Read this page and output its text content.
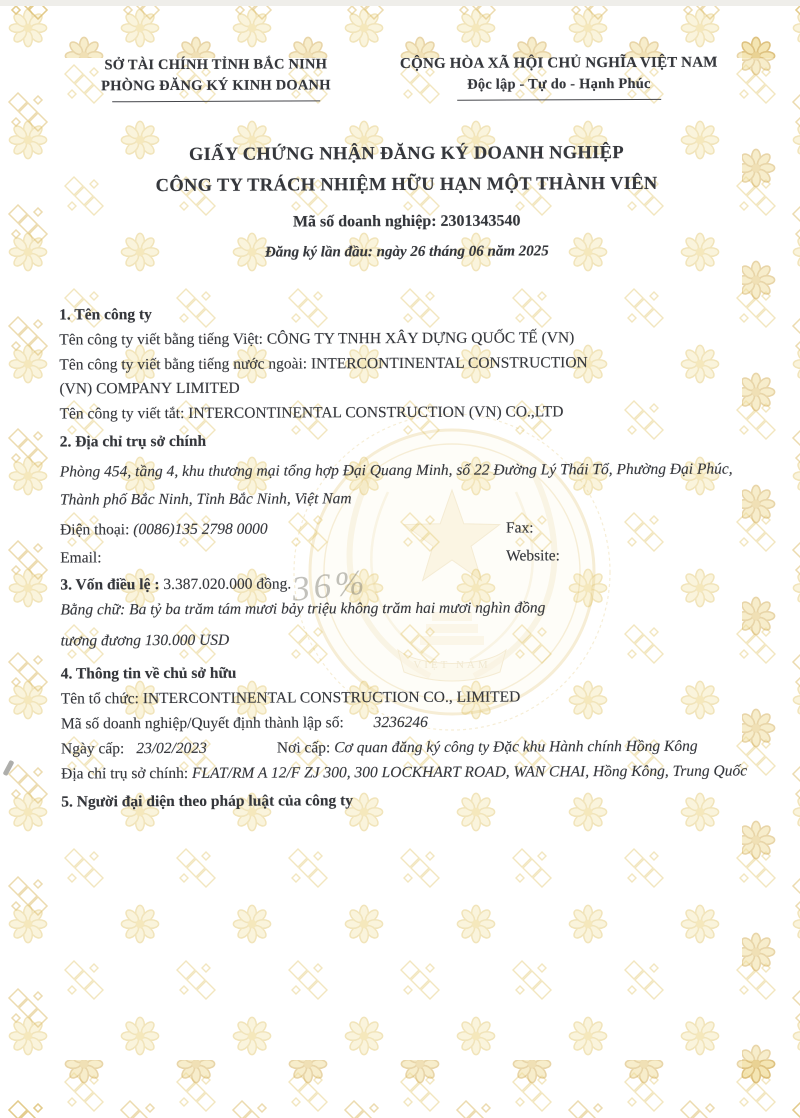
VIỆT NAM
36%
SỞ TÀI CHÍNH TỈNH BẮC NINH
PHÒNG ĐĂNG KÝ KINH DOANH
CỘNG HÒA XÃ HỘI CHỦ NGHĨA VIỆT NAM
Độc lập - Tự do - Hạnh Phúc
GIẤY CHỨNG NHẬN ĐĂNG KÝ DOANH NGHIỆP
CÔNG TY TRÁCH NHIỆM HỮU HẠN MỘT THÀNH VIÊN
Mã số doanh nghiệp: 2301343540
Đăng ký lần đầu: ngày 26 tháng 06 năm 2025
1. Tên công ty
Tên công ty viết bằng tiếng Việt: CÔNG TY TNHH XÂY DỰNG QUỐC TẾ (VN)
Tên công ty viết bằng tiếng nước ngoài: INTERCONTINENTAL CONSTRUCTION (VN) COMPANY LIMITED
Tên công ty viết tắt: INTERCONTINENTAL CONSTRUCTION (VN) CO.,LTD
2. Địa chỉ trụ sở chính
Phòng 454, tầng 4, khu thương mại tổng hợp Đại Quang Minh, số 22 Đường Lý Thái Tổ, Phường Đại Phúc, Thành phố Bắc Ninh, Tỉnh Bắc Ninh, Việt Nam
Điện thoại: (0086)135 2798 0000	Fax:
Email:	Website:
3. Vốn điều lệ : 3.387.020.000 đồng.
Bằng chữ: Ba tỷ ba trăm tám mươi bảy triệu không trăm hai mươi nghìn đồng
tương đương 130.000 USD
4. Thông tin về chủ sở hữu
Tên tổ chức: INTERCONTINENTAL CONSTRUCTION CO., LIMITED
Mã số doanh nghiệp/Quyết định thành lập số: 3236246
Ngày cấp: 23/02/2023	Nơi cấp: Cơ quan đăng ký công ty Đặc khu Hành chính Hồng Kông
Địa chỉ trụ sở chính: FLAT/RM A 12/F ZJ 300, 300 LOCKHART ROAD, WAN CHAI, Hồng Kông, Trung Quốc
5. Người đại diện theo pháp luật của công ty
